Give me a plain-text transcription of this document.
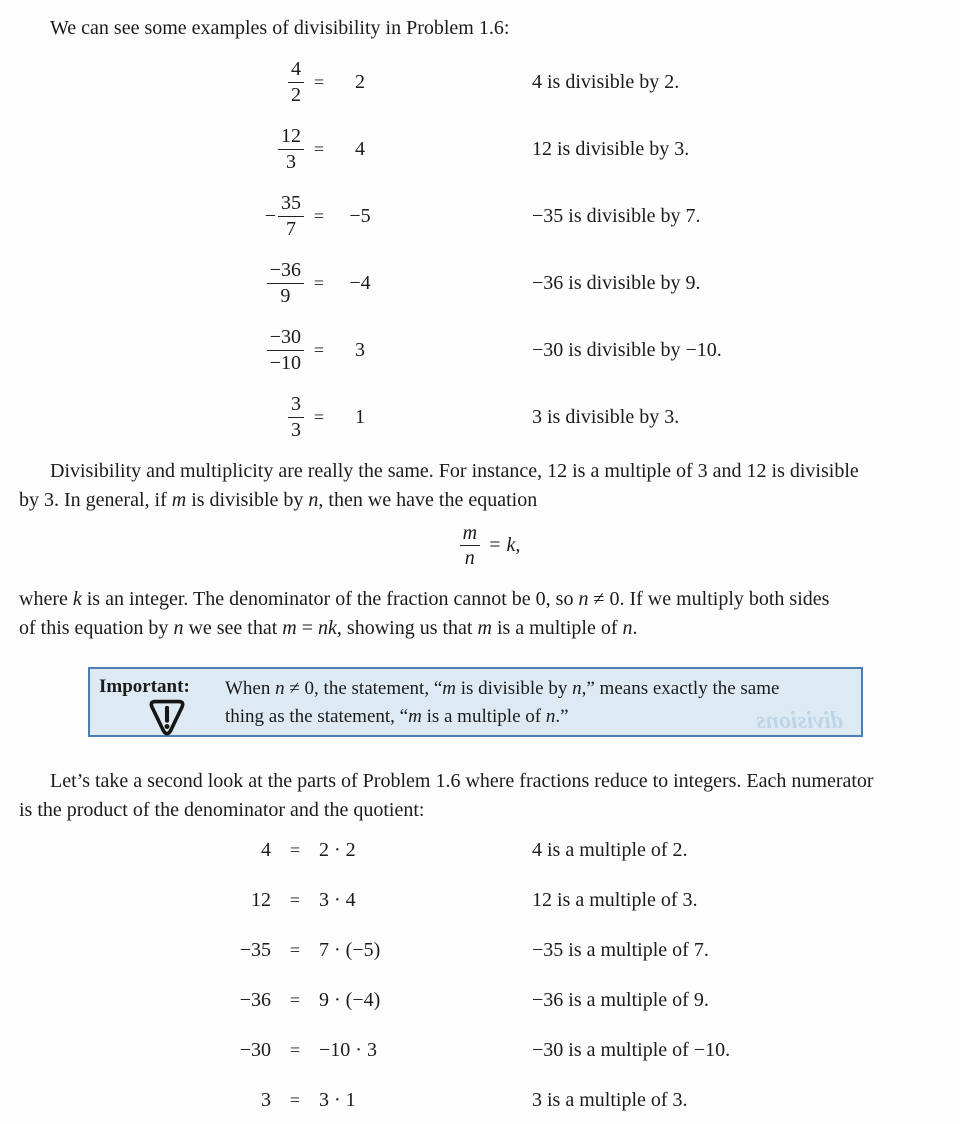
We can see some examples of divisibility in Problem 1.6:
$\frac{4}{2}$ =	2	4 is divisible by 2.
$\frac{12}{3}$ =	4	12 is divisible by 3.
− $\frac{35}{7}$ =	−5	−35 is divisible by 7.
$\frac{-36}{9}$ =	−4	−36 is divisible by 9.
$\frac{-30}{-10}$ =	3	−30 is divisible by −10.
$\frac{3}{3}$ =	1	3 is divisible by 3.
Divisibility and multiplicity are really the same. For instance, 12 is a multiple of 3 and 12 is divisible
by 3. In general, if m is divisible by n, then we have the equation
$\frac{m}{n} = k$,
where k is an integer. The denominator of the fraction cannot be 0, so n ≠ 0. If we multiply both sides
of this equation by n we see that m = nk, showing us that m is a multiple of n.
divisions
Important: When n ≠ 0, the statement, “m is divisible by n,” means exactly the same
thing as the statement, “m is a multiple of n.”
Let’s take a second look at the parts of Problem 1.6 where fractions reduce to integers. Each numerator
is the product of the denominator and the quotient:
4	= 2 · 2	4 is a multiple of 2.
12	= 3 · 4	12 is a multiple of 3.
−35	= 7 · (−5)	−35 is a multiple of 7.
−36	= 9 · (−4)	−36 is a multiple of 9.
−30	= −10 · 3	−30 is a multiple of −10.
3	= 3 · 1	3 is a multiple of 3.
